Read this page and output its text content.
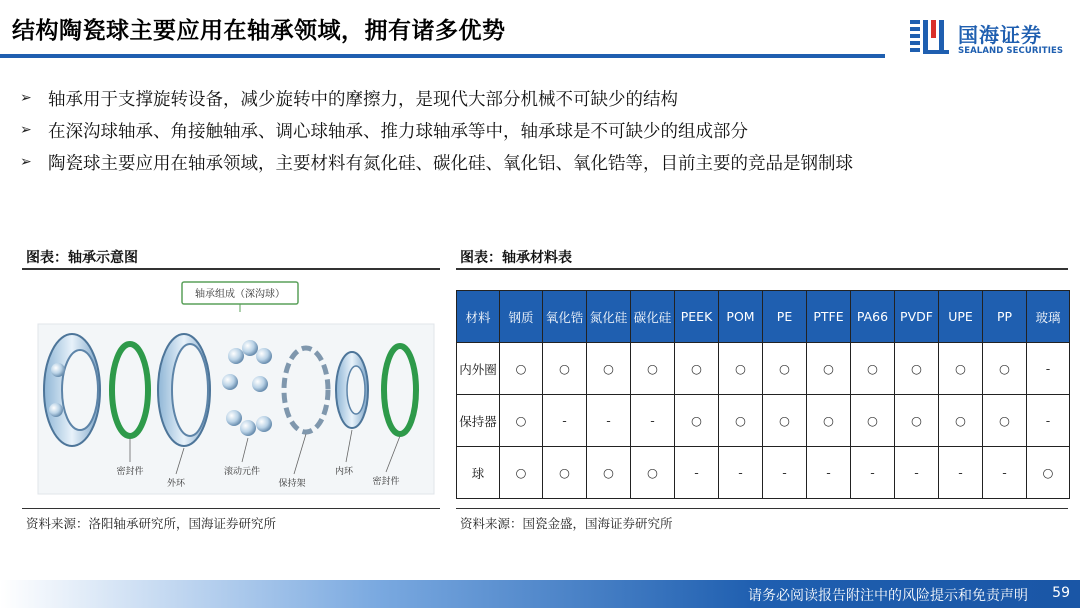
结构陶瓷球主要应用在轴承领域，拥有诸多优势	国海证券
SEALAND SECURITIES
➢ 轴承用于支撑旋转设备，减少旋转中的摩擦力，是现代大部分机械不可缺少的结构
➢ 在深沟球轴承、角接触轴承、调心球轴承、推力球轴承等中，轴承球是不可缺少的组成部分
➢ 陶瓷球主要应用在轴承领域，主要材料有氮化硅、碳化硅、氧化铝、氧化锆等，目前主要的竞品是钢制球
图表：轴承示意图
轴承组成（深沟球）
密封件
外环
滚动元件
保持架
内环
密封件
资料来源：洛阳轴承研究所，国海证券研究所
图表：轴承材料表
材料	钢质	氧化锆	氮化硅	碳化硅	PEEK	POM	PE	PTFE	PA66	PVDF	UPE	PP	玻璃
内外圈	○	○	○	○	○	○	○	○	○	○	○	○	-
保持器	○	-	-	-	○	○	○	○	○	○	○	○	-
球	○	○	○	○	-	-	-	-	-	-	-	-	○
资料来源：国瓷金盛，国海证券研究所
请务必阅读报告附注中的风险提示和免责声明 59
